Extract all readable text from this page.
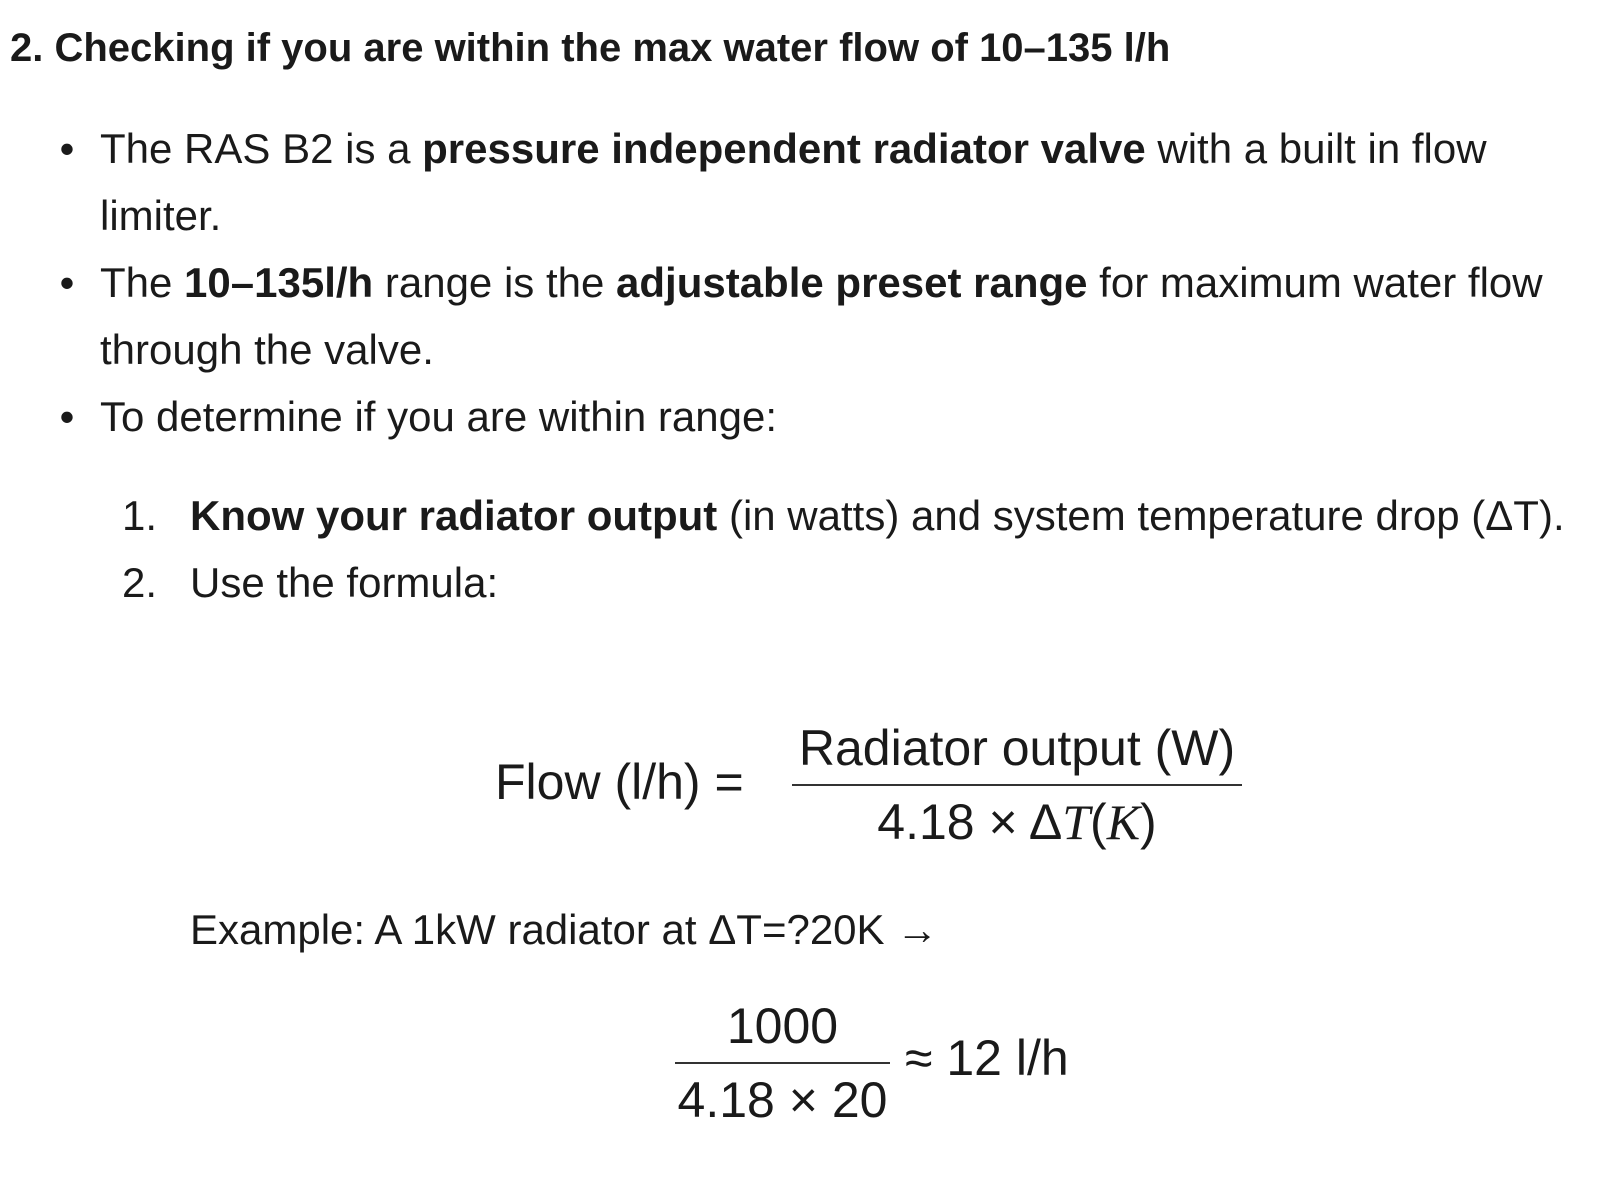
2. Checking if you are within the max water flow of 10–135 l/h
• The RAS B2 is a pressure independent radiator valve with a built in flow limiter.
• The 10–135l/h range is the adjustable preset range for maximum water flow through the valve.
• To determine if you are within range:
1. Know your radiator output (in watts) and system temperature drop (ΔT).
2. Use the formula:
Flow (l/h) =
Radiator output (W)
4.18 × ΔT(K)
Example: A 1kW radiator at ΔT=?20K →
1000
4.18 × 20
≈ 12 l/h
